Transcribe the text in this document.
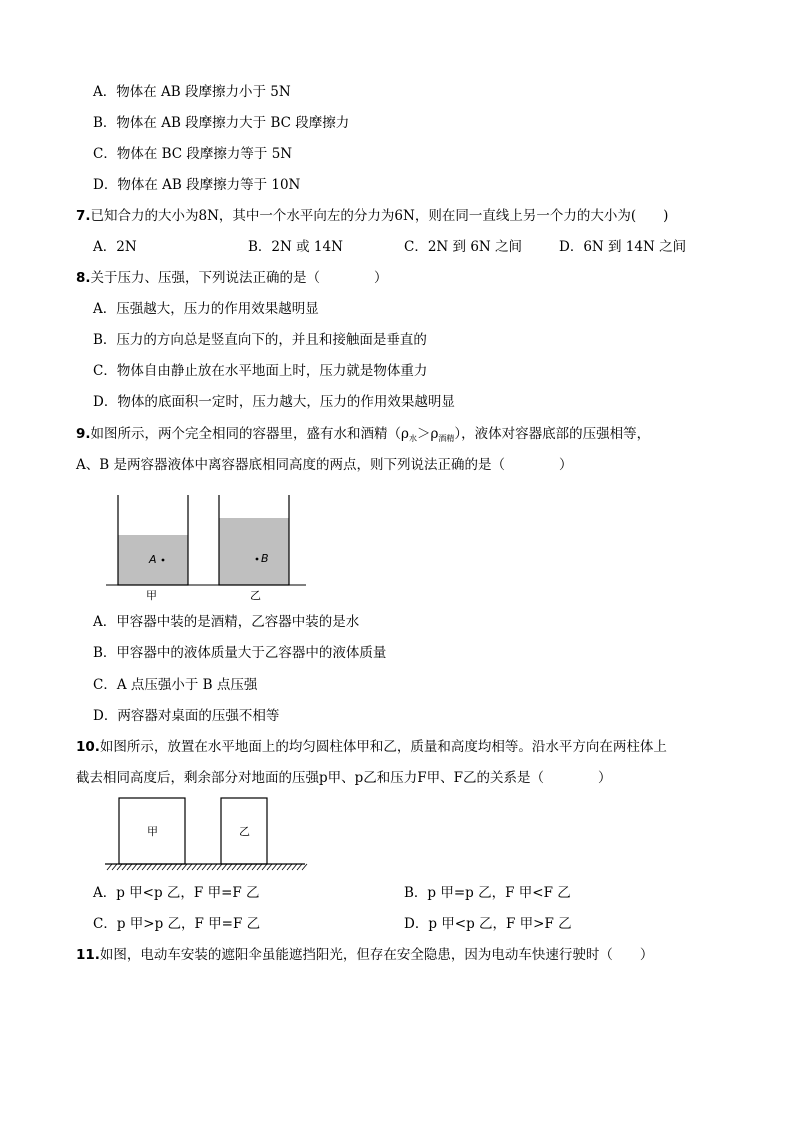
A．物体在 AB 段摩擦力小于 5N
B．物体在 AB 段摩擦力大于 BC 段摩擦力
C．物体在 BC 段摩擦力等于 5N
D．物体在 AB 段摩擦力等于 10N
7.已知合力的大小为8N，其中一个水平向左的分力为6N，则在同一直线上另一个力的大小为(　　)
A．2N	B．2N 或 14N	C．2N 到 6N 之间	D．6N 到 14N 之间
8.关于压力、压强，下列说法正确的是（　　　　）
A．压强越大，压力的作用效果越明显
B．压力的方向总是竖直向下的，并且和接触面是垂直的
C．物体自由静止放在水平地面上时，压力就是物体重力
D．物体的底面积一定时，压力越大，压力的作用效果越明显
9.如图所示，两个完全相同的容器里，盛有水和酒精$(\rho_水>\rho_{酒精})$，液体对容器底部的压强相等，
A、B 是两容器液体中离容器底相同高度的两点，则下列说法正确的是（　　　　）
A	B
甲	乙
A．甲容器中装的是酒精，乙容器中装的是水
B．甲容器中的液体质量大于乙容器中的液体质量
C．A 点压强小于 B 点压强
D．两容器对桌面的压强不相等
10.如图所示，放置在水平地面上的均匀圆柱体甲和乙，质量和高度均相等。沿水平方向在两柱体上
截去相同高度后，剩余部分对地面的压强p甲、p乙和压力F甲、F乙的关系是（　　　　）
甲	乙
A．p 甲<p 乙，F 甲=F 乙	B．p 甲=p 乙，F 甲<F 乙
C．p 甲>p 乙，F 甲=F 乙	D．p 甲<p 乙，F 甲>F 乙
11.如图，电动车安装的遮阳伞虽能遮挡阳光，但存在安全隐患，因为电动车快速行驶时（　　）
